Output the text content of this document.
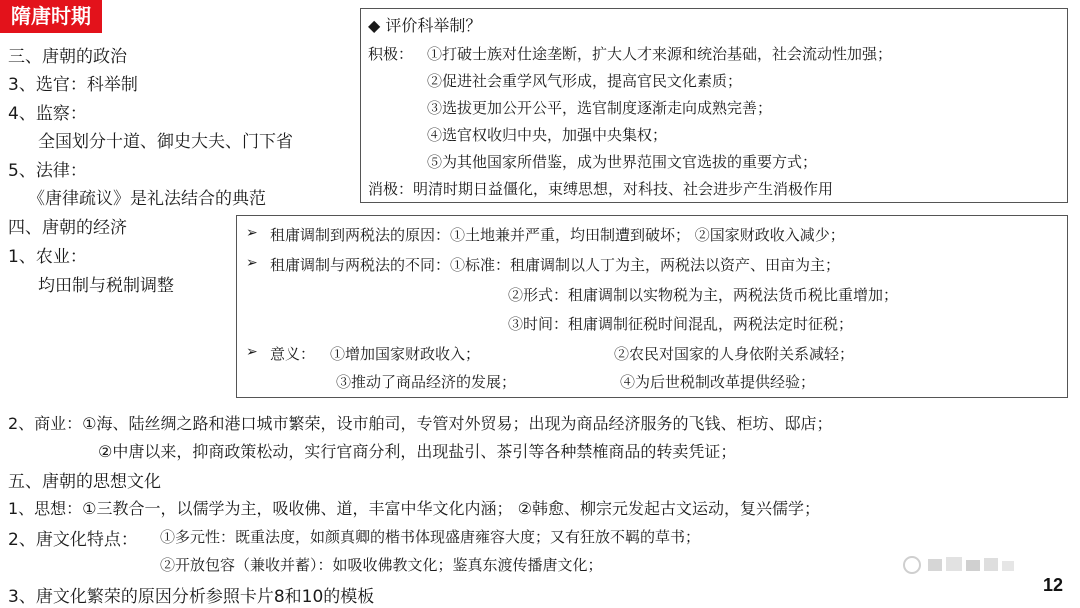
隋唐时期
三、唐朝的政治
3、选官：科举制
4、监察：
全国划分十道、御史大夫、门下省
5、法律：
《唐律疏议》是礼法结合的典范
四、唐朝的经济
1、农业：
均田制与税制调整
◆ 评价科举制？
积极： ①打破士族对仕途垄断，扩大人才来源和统治基础，社会流动性加强；
②促进社会重学风气形成，提高官民文化素质；
③选拔更加公开公平，选官制度逐渐走向成熟完善；
④选官权收归中央，加强中央集权；
⑤为其他国家所借鉴，成为世界范围文官选拔的重要方式；
消极：明清时期日益僵化，束缚思想，对科技、社会进步产生消极作用
➢ 租庸调制到两税法的原因：①土地兼并严重，均田制遭到破坏； ②国家财政收入减少；
➢ 租庸调制与两税法的不同：①标准：租庸调制以人丁为主，两税法以资产、田亩为主；
②形式：租庸调制以实物税为主，两税法货币税比重增加；
③时间：租庸调制征税时间混乱，两税法定时征税；
➢ 意义： ①增加国家财政收入；	②农民对国家的人身依附关系减轻；
③推动了商品经济的发展；	④为后世税制改革提供经验；
2、商业：①海、陆丝绸之路和港口城市繁荣，设市舶司，专管对外贸易；出现为商品经济服务的飞钱、柜坊、邸店；
②中唐以来，抑商政策松动，实行官商分利，出现盐引、茶引等各种禁榷商品的转卖凭证；
五、唐朝的思想文化
1、思想：①三教合一，以儒学为主，吸收佛、道，丰富中华文化内涵； ②韩愈、柳宗元发起古文运动，复兴儒学；
2、唐文化特点： ①多元性：既重法度，如颜真卿的楷书体现盛唐雍容大度；又有狂放不羁的草书；
②开放包容（兼收并蓄）：如吸收佛教文化；鉴真东渡传播唐文化；
3、唐文化繁荣的原因分析参照卡片8和10的模板
12
